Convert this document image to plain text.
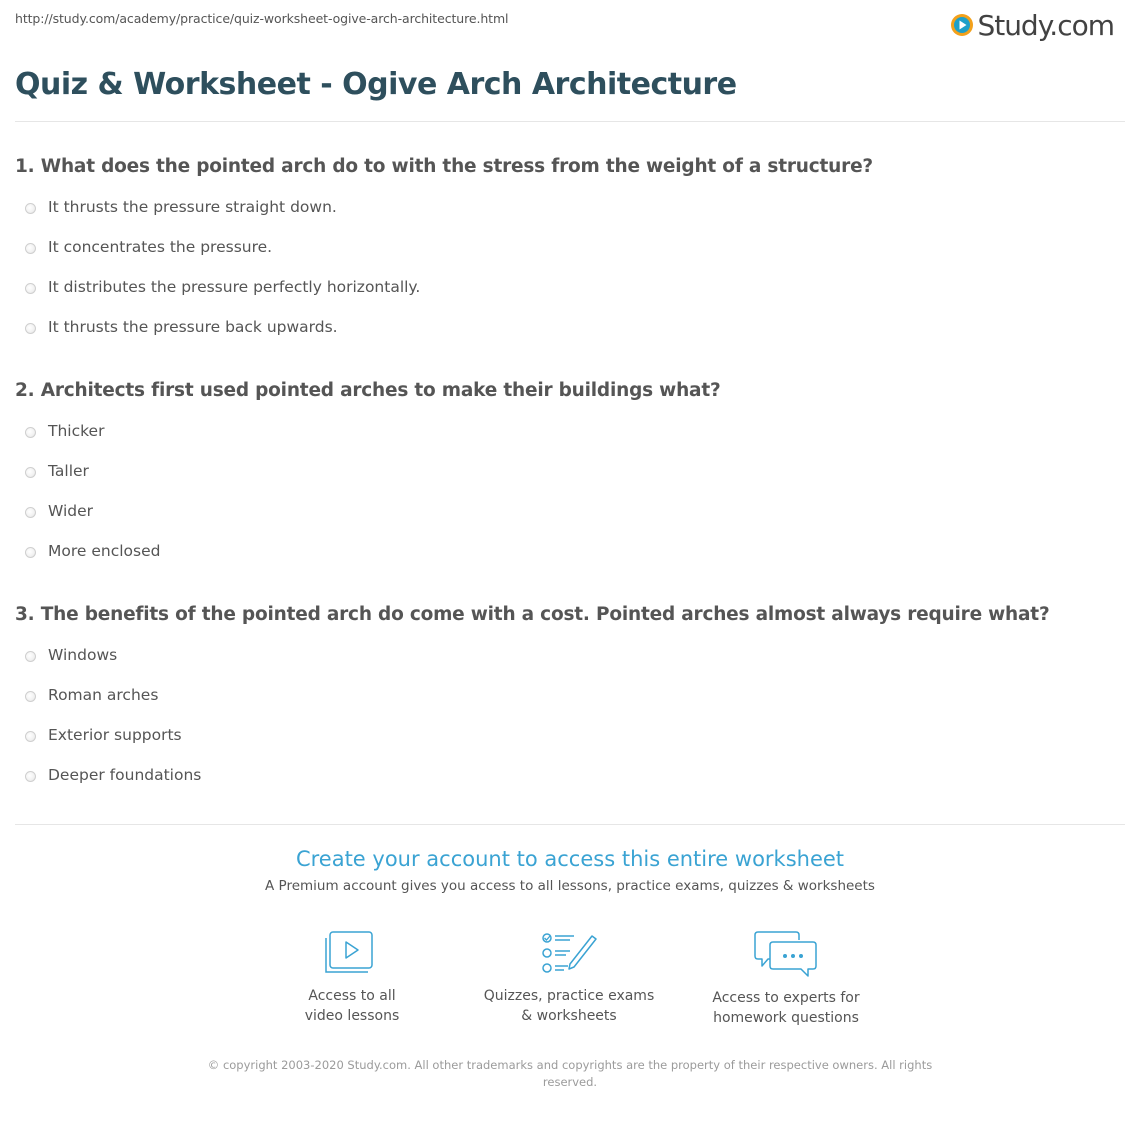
http://study.com/academy/practice/quiz-worksheet-ogive-arch-architecture.html	Study.com
Quiz & Worksheet - Ogive Arch Architecture

1. What does the pointed arch do to with the stress from the weight of a structure?

It thrusts the pressure straight down.
It concentrates the pressure.
It distributes the pressure perfectly horizontally.
It thrusts the pressure back upwards.

2. Architects first used pointed arches to make their buildings what?

Thicker
Taller
Wider
More enclosed

3. The benefits of the pointed arch do come with a cost. Pointed arches almost always require what?

Windows
Roman arches
Exterior supports
Deeper foundations
Create your account to access this entire worksheet

A Premium account gives you access to all lessons, practice exams, quizzes & worksheets

Access to all
video lessons
Quizzes, practice exams
& worksheets
Access to experts for
homework questions
© copyright 2003-2020 Study.com. All other trademarks and copyrights are the property of their respective owners. All rights reserved.
